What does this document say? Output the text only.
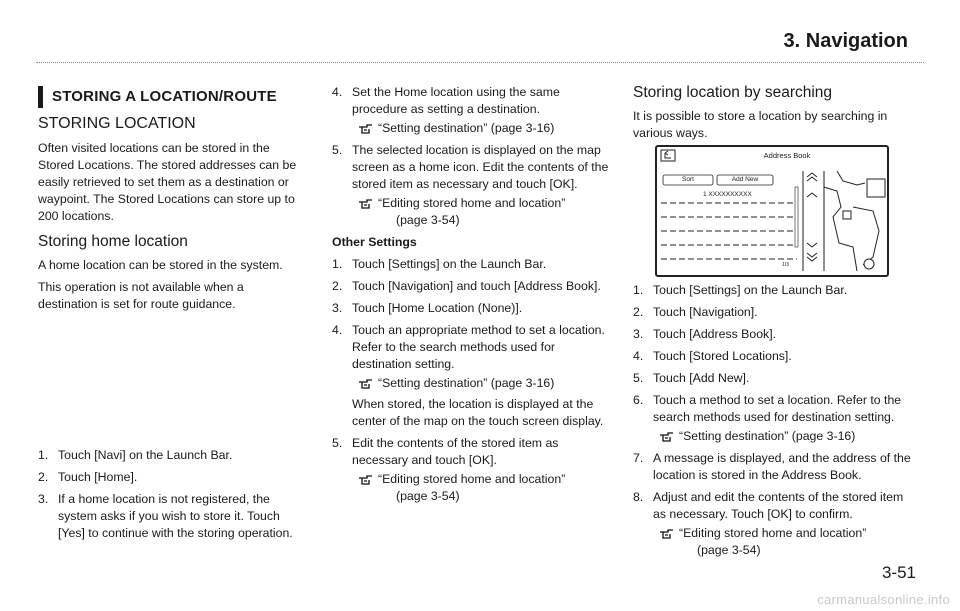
3. Navigation
STORING A LOCATION/ROUTE
STORING LOCATION

Often visited locations can be stored in the Stored Locations. The stored addresses can be easily retrieved to set them as a destination or waypoint. The Stored Locations can store up to 200 locations.

Storing home location

A home location can be stored in the system.

This operation is not available when a destination is set for route guidance.

1. Touch [Navi] on the Launch Bar.
2. Touch [Home].
3. If a home location is not registered, the system asks if you wish to store it. Touch [Yes] to continue with the storing operation.
4. Set the Home location using the same procedure as setting a destination.
“Setting destination” (page 3-16)
5. The selected location is displayed on the map screen as a home icon. Edit the contents of the stored item as necessary and touch [OK].
“Editing stored home and location”
(page 3-54)
Other Settings
1. Touch [Settings] on the Launch Bar.
2. Touch [Navigation] and touch [Address Book].
3. Touch [Home Location (None)].
4. Touch an appropriate method to set a location. Refer to the search methods used for destination setting.
“Setting destination” (page 3-16)
When stored, the location is displayed at the center of the map on the touch screen display.
5. Edit the contents of the stored item as necessary and touch [OK].
“Editing stored home and location”
(page 3-54)
Storing location by searching

It is possible to store a location by searching in various ways.

Address Book
Sort	Add New
1 XXXXXXXXXX
1/3
1. Touch [Settings] on the Launch Bar.
2. Touch [Navigation].
3. Touch [Address Book].
4. Touch [Stored Locations].
5. Touch [Add New].
6. Touch a method to set a location. Refer to the search methods used for destination setting.
“Setting destination” (page 3-16)
7. A message is displayed, and the address of the location is stored in the Address Book.
8. Adjust and edit the contents of the stored item as necessary. Touch [OK] to confirm.
“Editing stored home and location”
(page 3-54)
3-51
carmanualsonline.info
